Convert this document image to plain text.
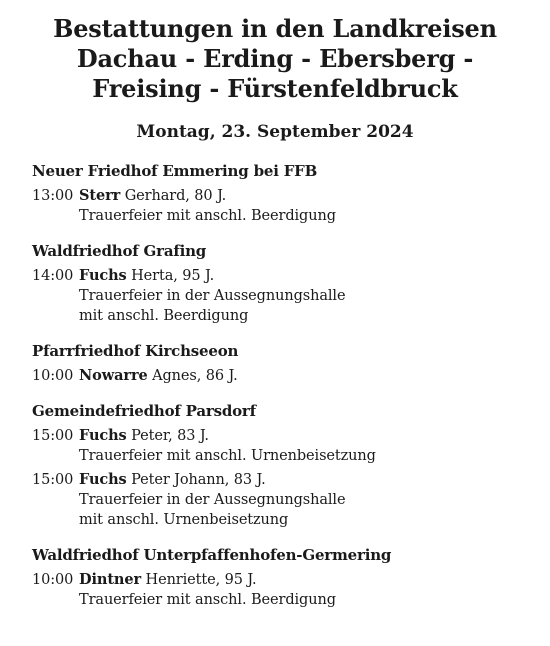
Bestattungen in den Landkreisen
Dachau - Erding - Ebersberg -
Freising - Fürstenfeldbruck
Montag, 23. September 2024
Neuer Friedhof Emmering bei FFB
13:00 Sterr Gerhard, 80 J.
Trauerfeier mit anschl. Beerdigung
Waldfriedhof Grafing
14:00 Fuchs Herta, 95 J.
Trauerfeier in der Aussegnungshalle
mit anschl. Beerdigung
Pfarrfriedhof Kirchseeon
10:00 Nowarre Agnes, 86 J.
Gemeindefriedhof Parsdorf
15:00 Fuchs Peter, 83 J.
Trauerfeier mit anschl. Urnenbeisetzung
15:00 Fuchs Peter Johann, 83 J.
Trauerfeier in der Aussegnungshalle
mit anschl. Urnenbeisetzung
Waldfriedhof Unterpfaffenhofen-Germering
10:00 Dintner Henriette, 95 J.
Trauerfeier mit anschl. Beerdigung
